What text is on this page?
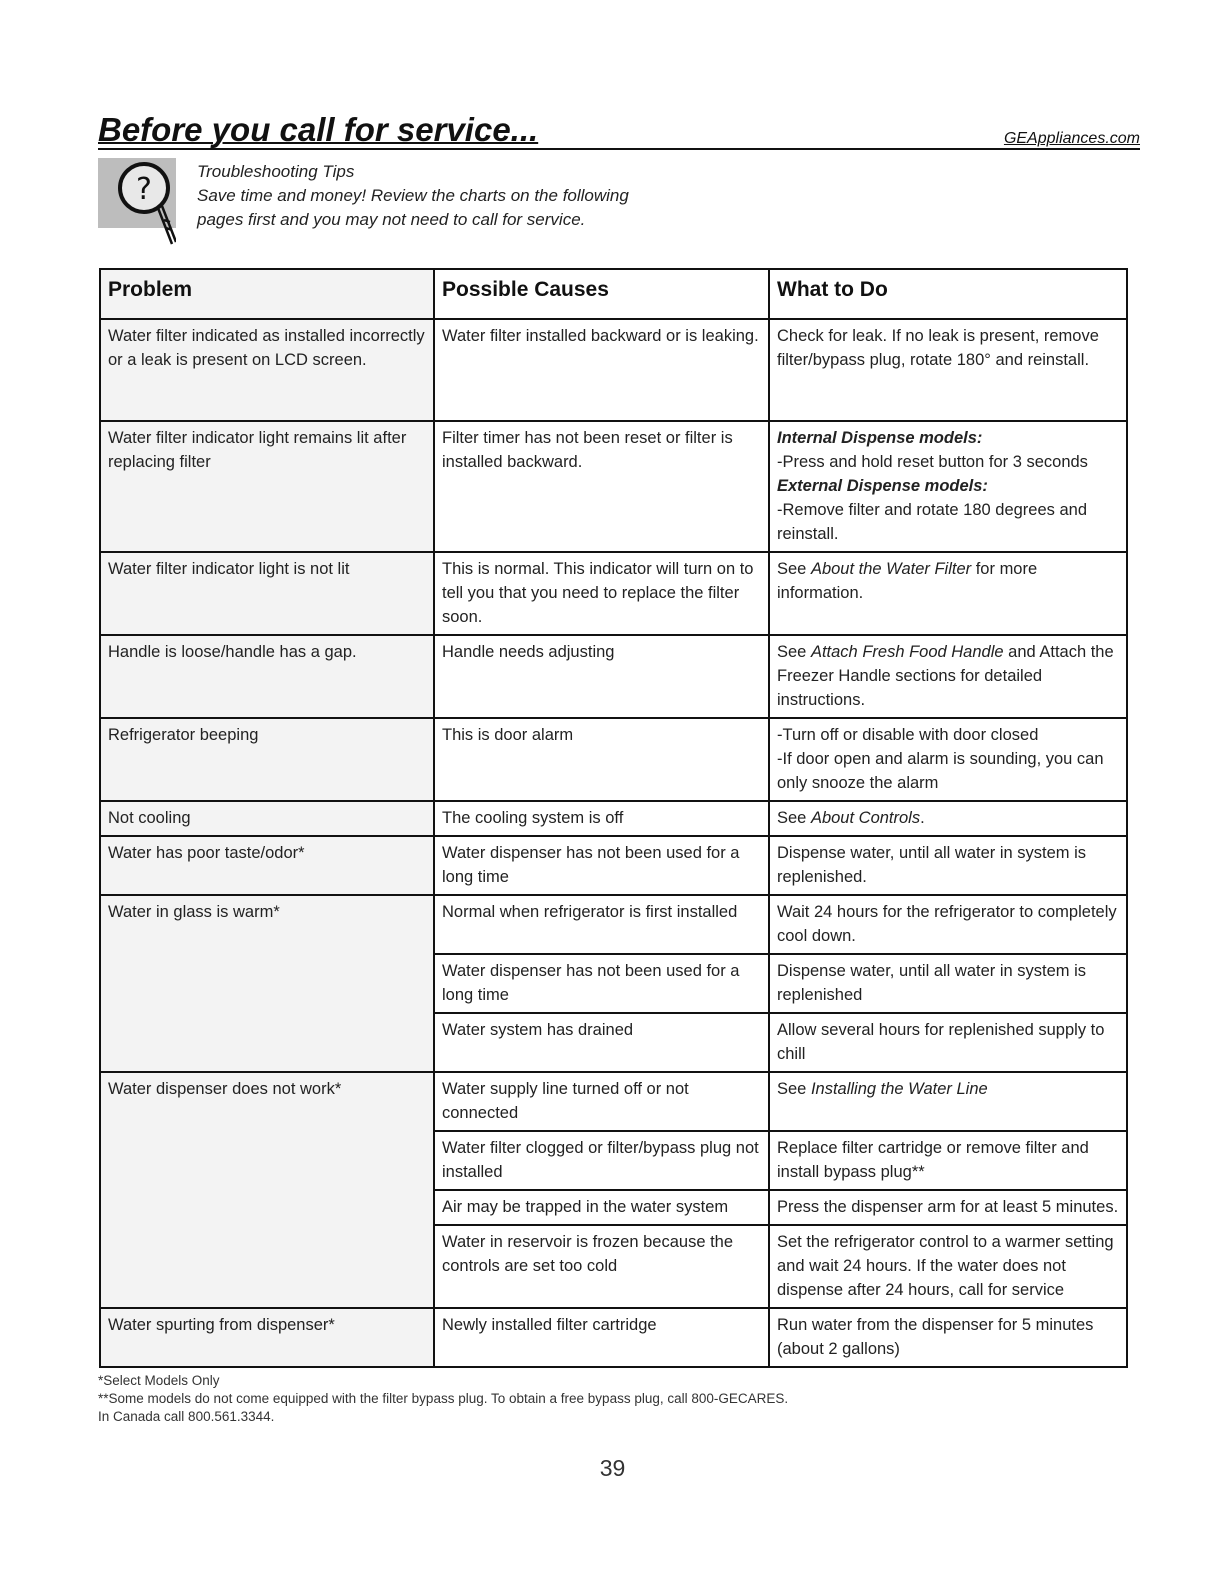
Before you call for service...	GEAppliances.com
?
Troubleshooting Tips
Save time and money! Review the charts on the following
pages first and you may not need to call for service.
Problem	Possible Causes	What to Do
Water filter indicated as installed incorrectly or a leak is present on LCD screen.	Water filter installed backward or is leaking.	Check for leak. If no leak is present, remove filter/bypass plug, rotate 180° and reinstall.
Water filter indicator light remains lit after replacing filter	Filter timer has not been reset or filter is installed backward.	Internal Dispense models:
-Press and hold reset button for 3 seconds
External Dispense models:
-Remove filter and rotate 180 degrees and reinstall.

Water filter indicator light is not lit	This is normal. This indicator will turn on to tell you that you need to replace the filter soon.	See About the Water Filter for more information.
Handle is loose/handle has a gap.	Handle needs adjusting	See Attach Fresh Food Handle and Attach the Freezer Handle sections for detailed instructions.
Refrigerator beeping	This is door alarm	-Turn off or disable with door closed
-If door open and alarm is sounding, you can only snooze the alarm

Not cooling	The cooling system is off	See About Controls.
Water has poor taste/odor*	Water dispenser has not been used for a long time	Dispense water, until all water in system is replenished.
Water in glass is warm*	Normal when refrigerator is first installed	Wait 24 hours for the refrigerator to completely cool down.
	Water dispenser has not been used for a long time	Dispense water, until all water in system is replenished
	Water system has drained	Allow several hours for replenished supply to chill
Water dispenser does not work*	Water supply line turned off or not connected	See Installing the Water Line
	Water filter clogged or filter/bypass plug not installed	Replace filter cartridge or remove filter and install bypass plug**
	Air may be trapped in the water system	Press the dispenser arm for at least 5 minutes.
	Water in reservoir is frozen because the controls are set too cold	Set the refrigerator control to a warmer setting and wait 24 hours. If the water does not dispense after 24 hours, call for service
Water spurting from dispenser*	Newly installed filter cartridge	Run water from the dispenser for 5 minutes (about 2 gallons)
*Select Models Only
**Some models do not come equipped with the filter bypass plug. To obtain a free bypass plug, call 800-GECARES.
In Canada call 800.561.3344.
39
